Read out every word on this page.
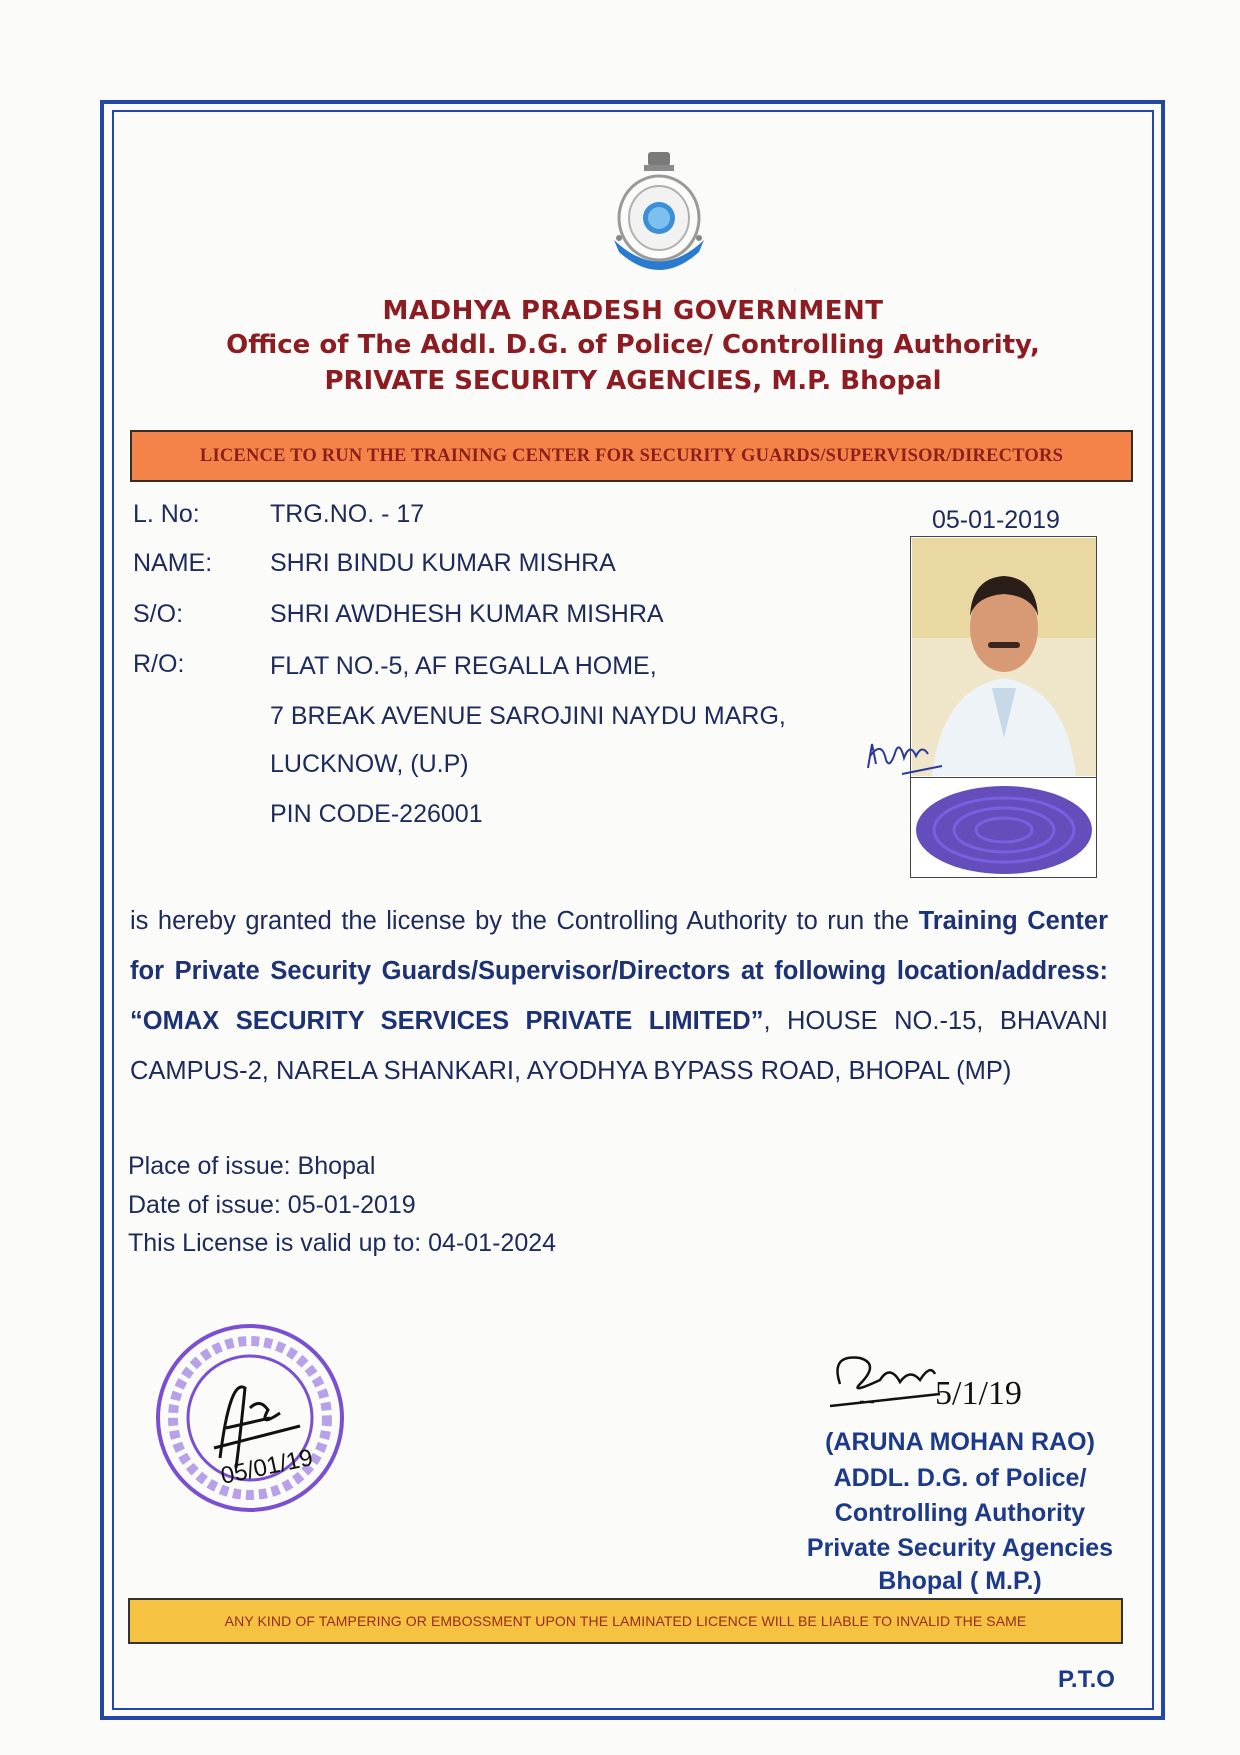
MADHYA PRADESH GOVERNMENT
Office of The Addl. D.G. of Police/ Controlling Authority,
PRIVATE SECURITY AGENCIES, M.P. Bhopal
LICENCE TO RUN THE TRAINING CENTER FOR SECURITY GUARDS/SUPERVISOR/DIRECTORS
05-01-2019
L. No:	TRG.NO. - 17
NAME: SHRI BINDU KUMAR MISHRA
S/O:	SHRI AWDHESH KUMAR MISHRA
R/O:	FLAT NO.-5, AF REGALLA HOME,
7 BREAK AVENUE SAROJINI NAYDU MARG,
LUCKNOW, (U.P)
PIN CODE-226001
is hereby granted the license by the Controlling Authority to run the Training Center for Private Security Guards/Supervisor/Directors at following location/address: “OMAX SECURITY SERVICES PRIVATE LIMITED”, HOUSE NO.-15, BHAVANI CAMPUS-2, NARELA SHANKARI, AYODHYA BYPASS ROAD, BHOPAL (MP)
Place of issue: Bhopal
Date of issue: 05-01-2019
This License is valid up to: 04-01-2024
05/01/19
5/1/19
(ARUNA MOHAN RAO)
ADDL. D.G. of Police/
Controlling Authority
Private Security Agencies
Bhopal ( M.P.)
ANY KIND OF TAMPERING OR EMBOSSMENT UPON THE LAMINATED LICENCE WILL BE LIABLE TO INVALID THE SAME
P.T.O
